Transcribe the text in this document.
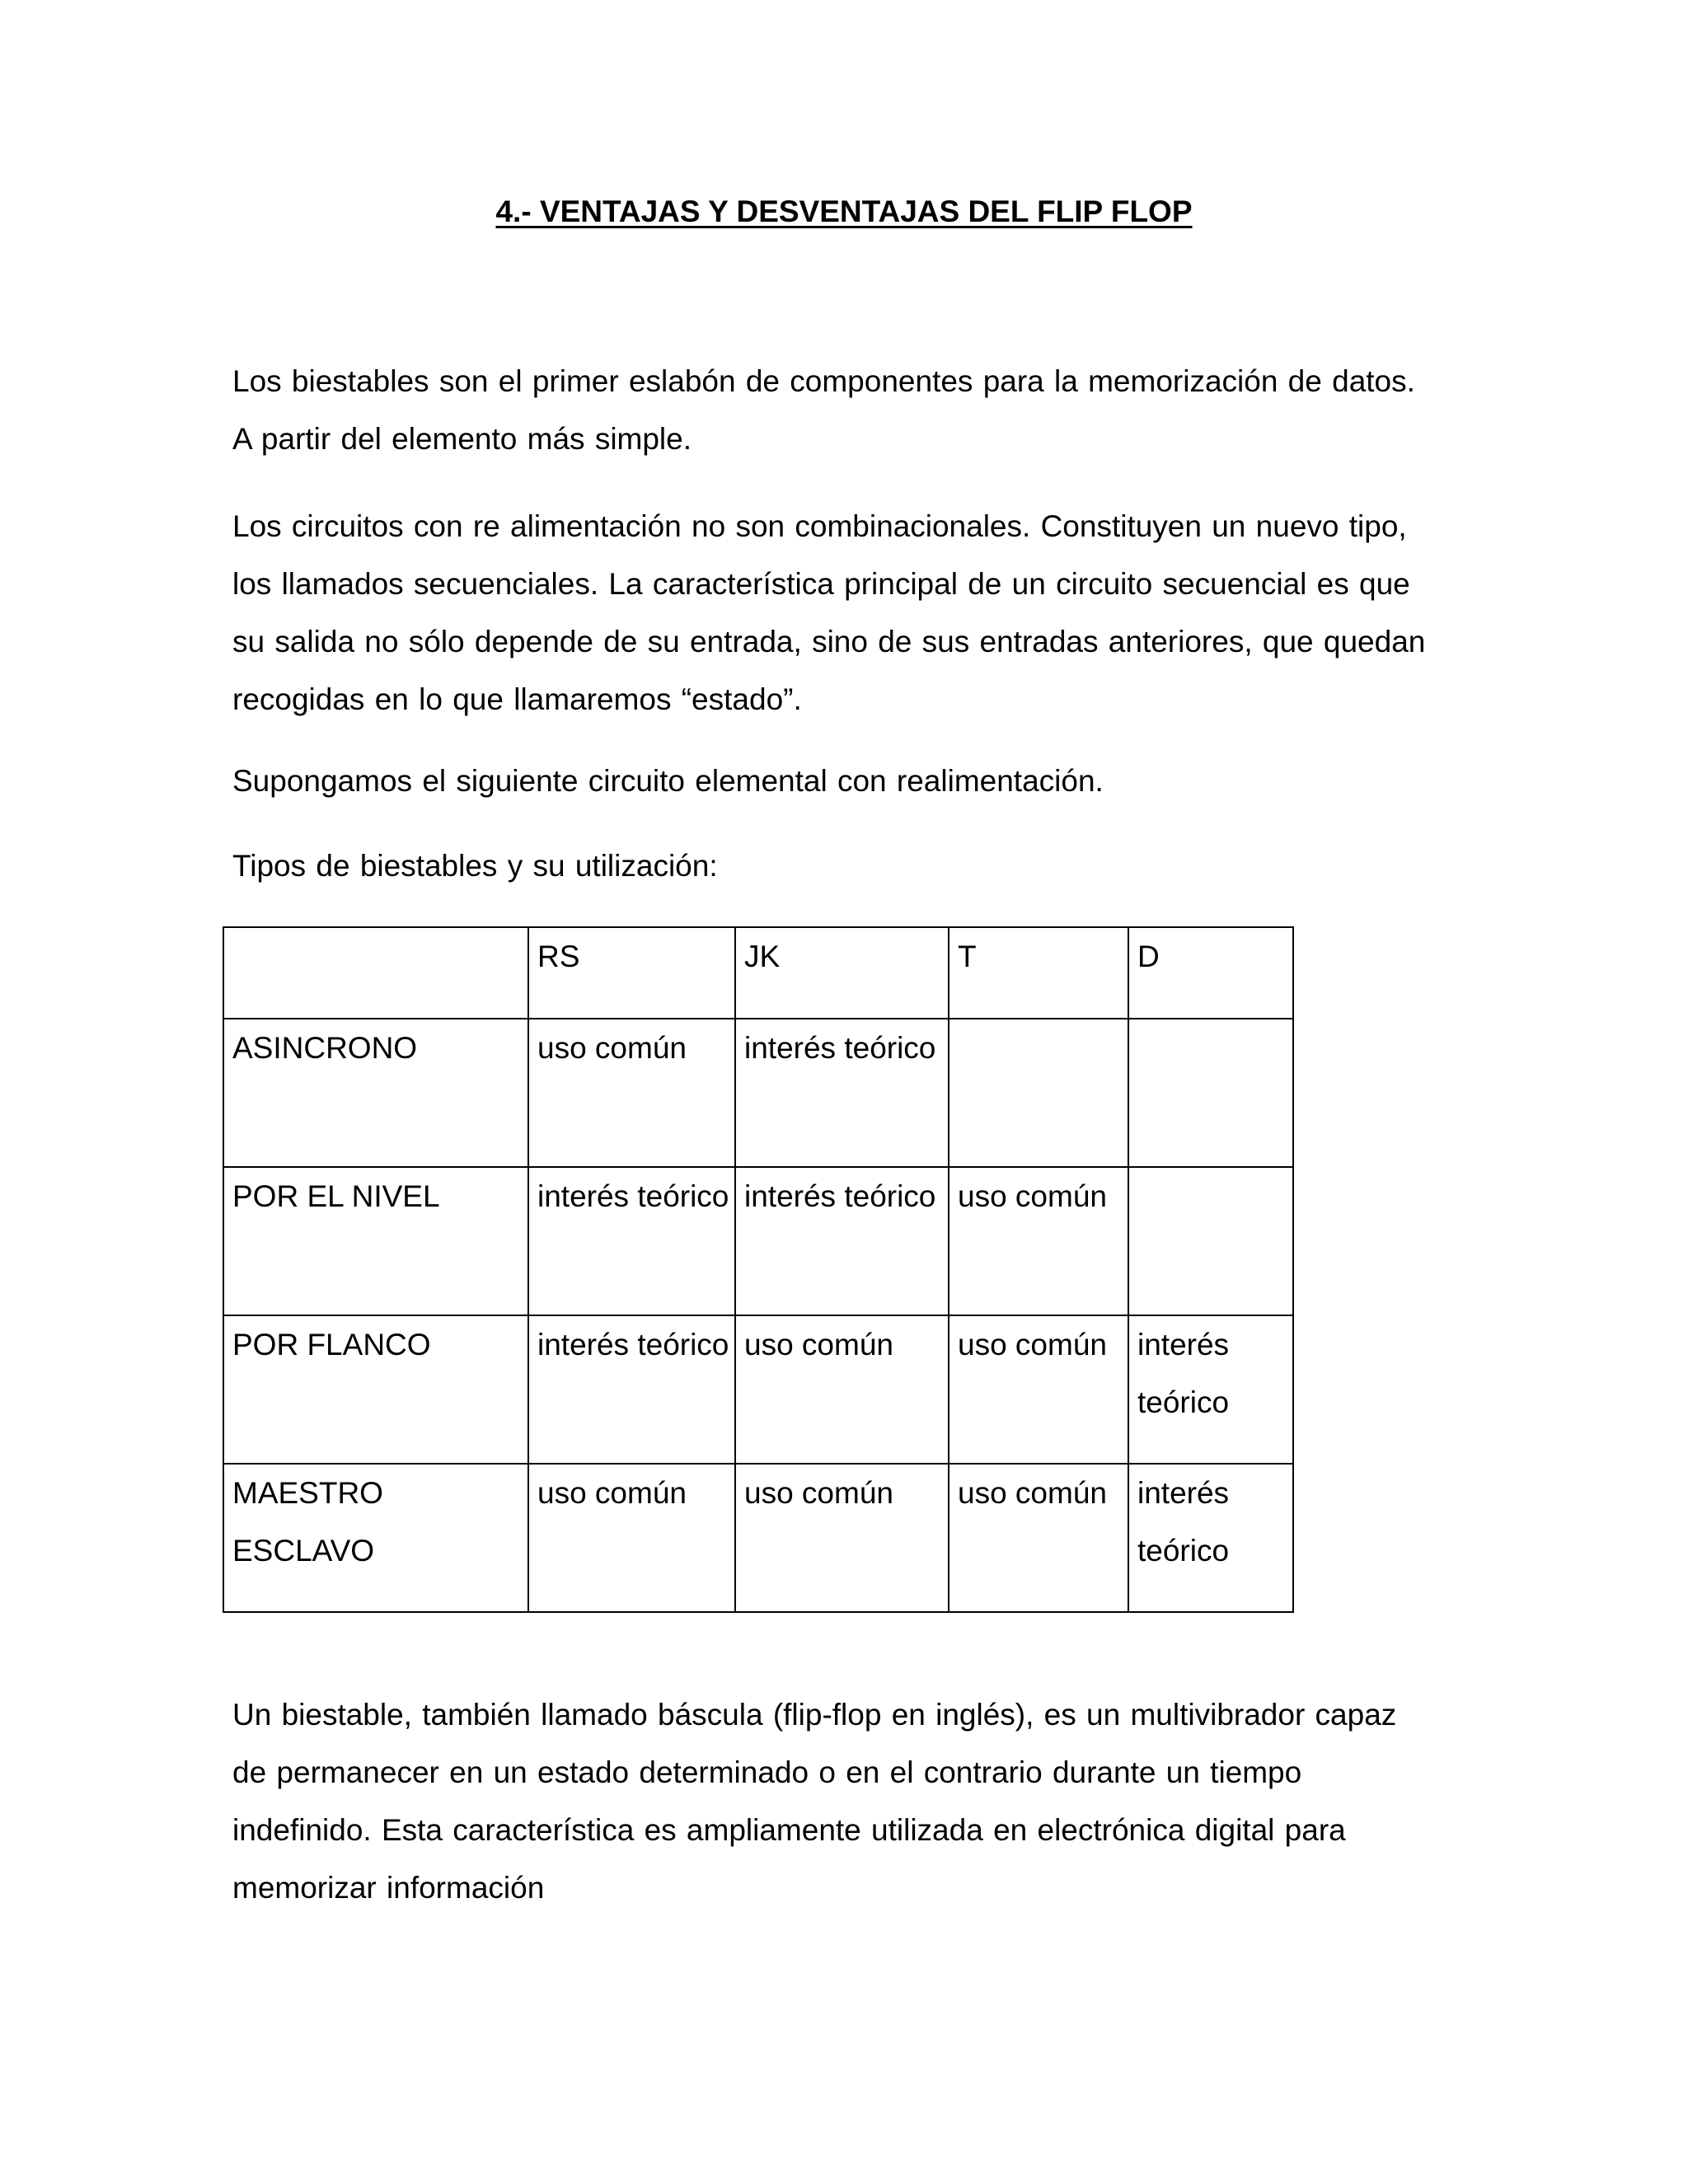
4.- VENTAJAS Y DESVENTAJAS DEL FLIP FLOP

Los biestables son el primer eslabón de componentes para la memorización de datos. A partir del elemento más simple.

Los circuitos con re alimentación no son combinacionales. Constituyen un nuevo tipo, los llamados secuenciales. La característica principal de un circuito secuencial es que su salida no sólo depende de su entrada, sino de sus entradas anteriores, que quedan recogidas en lo que llamaremos “estado”.

Supongamos el siguiente circuito elemental con realimentación.

Tipos de biestables y su utilización:

	RS	JK	T	D
ASINCRONO	uso común	interés teórico		
POR EL NIVEL	interés teórico	interés teórico	uso común	
POR FLANCO	interés teórico	uso común	uso común	interés teórico
MAESTRO ESCLAVO	uso común	uso común	uso común	interés teórico

Un biestable, también llamado báscula (flip-flop en inglés), es un multivibrador capaz de permanecer en un estado determinado o en el contrario durante un tiempo indefinido. Esta característica es ampliamente utilizada en electrónica digital para memorizar información
